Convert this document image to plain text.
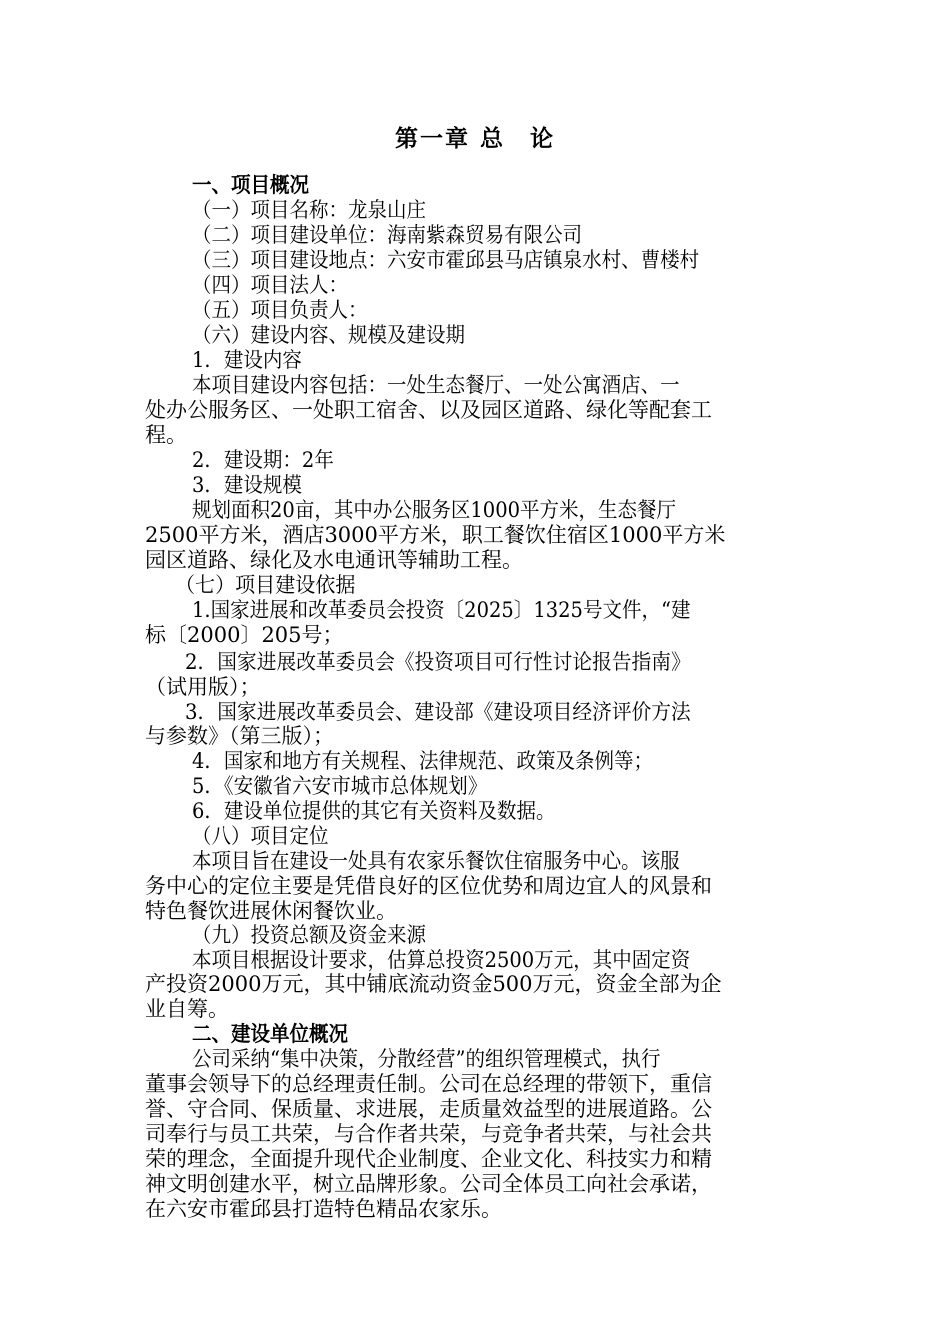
第一章 总　论
一、项目概况
（一）项目名称：龙泉山庄
（二）项目建设单位：海南紫森贸易有限公司
（三）项目建设地点：六安市霍邱县马店镇泉水村、曹楼村
（四）项目法人：
（五）项目负责人：
（六）建设内容、规模及建设期
1．建设内容
本项目建设内容包括：一处生态餐厅、一处公寓酒店、一
处办公服务区、一处职工宿舍、以及园区道路、绿化等配套工
程。
2．建设期：2年
3．建设规模
规划面积20亩，其中办公服务区1000平方米，生态餐厅
2500平方米，酒店3000平方米，职工餐饮住宿区1000平方米
园区道路、绿化及水电通讯等辅助工程。
（七）项目建设依据
1.国家进展和改革委员会投资〔2025〕1325号文件，“建
标〔2000〕205号；
2．国家进展改革委员会《投资项目可行性讨论报告指南》
（试用版）；
3．国家进展改革委员会、建设部《建设项目经济评价方法
与参数》（第三版）；
4．国家和地方有关规程、法律规范、政策及条例等；
5．《安徽省六安市城市总体规划》
6．建设单位提供的其它有关资料及数据。
（八）项目定位
本项目旨在建设一处具有农家乐餐饮住宿服务中心。该服
务中心的定位主要是凭借良好的区位优势和周边宜人的风景和
特色餐饮进展休闲餐饮业。
（九）投资总额及资金来源
本项目根据设计要求，估算总投资2500万元，其中固定资
产投资2000万元，其中铺底流动资金500万元，资金全部为企
业自筹。
二、建设单位概况
公司采纳“集中决策，分散经营”的组织管理模式，执行
董事会领导下的总经理责任制。公司在总经理的带领下，重信
誉、守合同、保质量、求进展，走质量效益型的进展道路。公
司奉行与员工共荣，与合作者共荣，与竞争者共荣，与社会共
荣的理念，全面提升现代企业制度、企业文化、科技实力和精
神文明创建水平，树立品牌形象。公司全体员工向社会承诺，
在六安市霍邱县打造特色精品农家乐。
